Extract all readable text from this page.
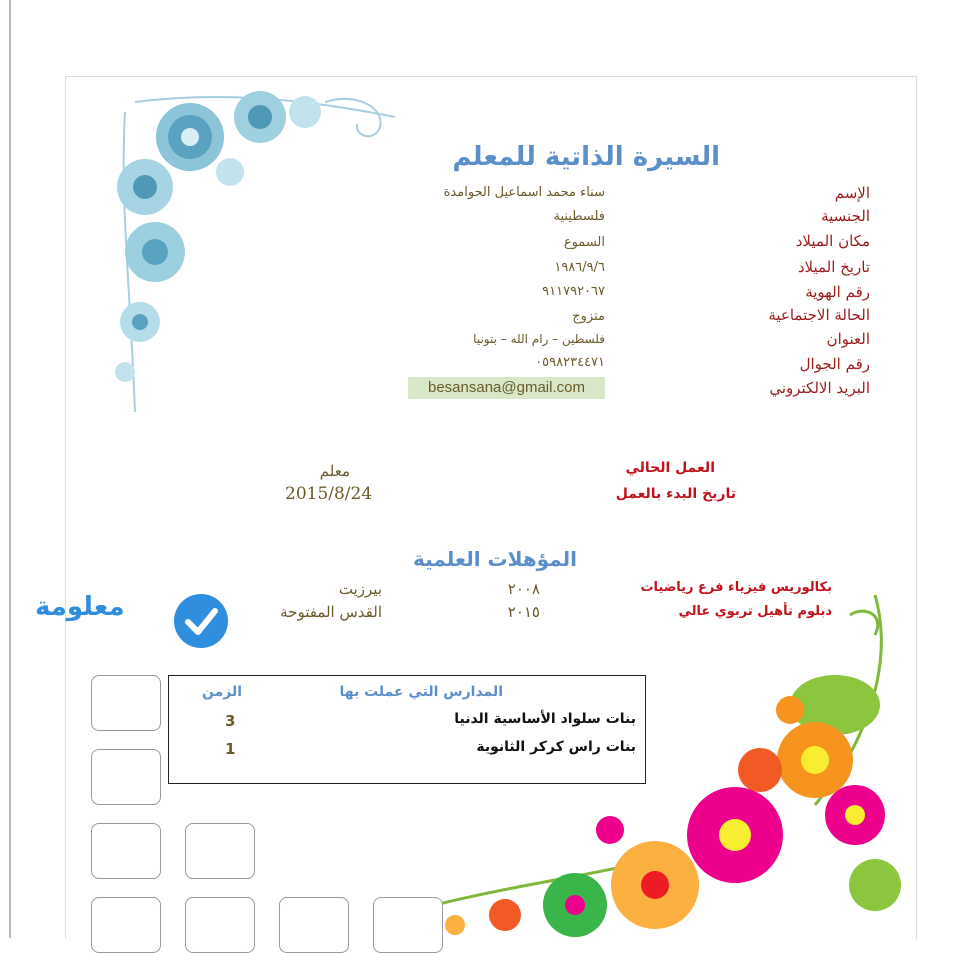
السيرة الذاتية للمعلم
الإسم
الجنسية
مكان الميلاد
تاريخ الميلاد
رقم الهوية
الحالة الاجتماعية
العنوان
رقم الجوال
البريد الالكتروني
سناء محمد اسماعيل الحوامدة
فلسطينية
السموع
١٩٨٦/٩/٦
٩١١٧٩٢٠٦٧
متزوج
فلسطين – رام الله – بتونيا
٠٥٩٨٢٣٤٤٧١
besansana@gmail.com
العمل الحالي
تاريخ البدء بالعمل
معلم
2015/8/24
المؤهلات العلمية
بكالوريس فيزياء فرع رياضيات
دبلوم تأهيل تربوي عالي
٢٠٠٨
٢٠١٥
بيرزيت
القدس المفتوحة
المدارس التي عملت بها
الزمن
بنات سلواد الأساسية الدنيا
بنات راس كركر الثانوية
3
1
معلومة
